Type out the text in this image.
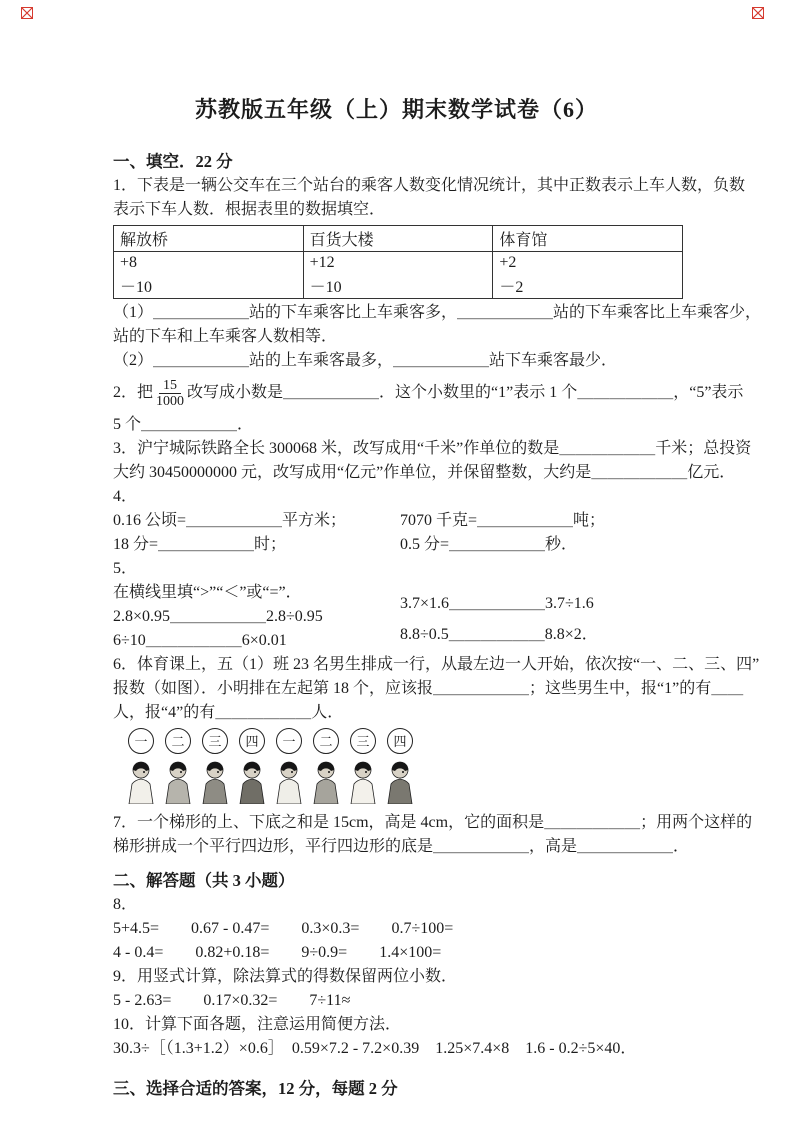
苏教版五年级（上）期末数学试卷（6）

一、填空．22 分

1．下表是一辆公交车在三个站台的乘客人数变化情况统计，其中正数表示上车人数，负数

表示下车人数．根据表里的数据填空．

解放桥	百货大楼	体育馆
+8	+12	+2
－10	－10	－2

（1）＿＿＿＿＿＿站的下车乘客比上车乘客多，＿＿＿＿＿＿站的下车乘客比上车乘客少，

站的下车和上车乘客人数相等．

（2）＿＿＿＿＿＿站的上车乘客最多，＿＿＿＿＿＿站下车乘客最少．

2．把 $\frac{15}{1000}$ 改写成小数是＿＿＿＿＿＿．这个小数里的“1”表示 1 个＿＿＿＿＿＿，“5”表示

5 个＿＿＿＿＿＿．

3．沪宁城际铁路全长 300068 米，改写成用“千米”作单位的数是＿＿＿＿＿＿千米；总投资

大约 30450000000 元，改写成用“亿元”作单位，并保留整数，大约是＿＿＿＿＿＿亿元．

4．

0.16 公顷=＿＿＿＿＿＿平方米；	7070 千克=＿＿＿＿＿＿吨；

18 分=＿＿＿＿＿＿时；	0.5 分=＿＿＿＿＿＿秒．

5．

在横线里填“>”“＜”或“=”．

2.8×0.95＿＿＿＿＿＿2.8÷0.95

6÷10＿＿＿＿＿＿6×0.01

3.7×1.6＿＿＿＿＿＿3.7÷1.6

8.8÷0.5＿＿＿＿＿＿8.8×2．

6．体育课上，五（1）班 23 名男生排成一行，从最左边一人开始，依次按“一、二、三、四”

报数（如图）．小明排在左起第 18 个，应该报＿＿＿＿＿＿；这些男生中，报“1”的有＿＿

人，报“4”的有＿＿＿＿＿＿人．

一 二 三 四 一 二 三 四

7．一个梯形的上、下底之和是 15cm，高是 4cm，它的面积是＿＿＿＿＿＿；用两个这样的

梯形拼成一个平行四边形，平行四边形的底是＿＿＿＿＿＿，高是＿＿＿＿＿＿．

二、解答题（共 3 小题）

8．

5+4.5=　　0.67 - 0.47=　　0.3×0.3=　　0.7÷100=

4 - 0.4=　　0.82+0.18=　　9÷0.9=　　1.4×100=

9．用竖式计算，除法算式的得数保留两位小数．

5 - 2.63=　　0.17×0.32=　　7÷11≈

10．计算下面各题，注意运用简便方法．

30.3÷［（1.3+1.2）×0.6］　0.59×7.2 - 7.2×0.39　1.25×7.4×8　1.6 - 0.2÷5×40．

三、选择合适的答案，12 分，每题 2 分
